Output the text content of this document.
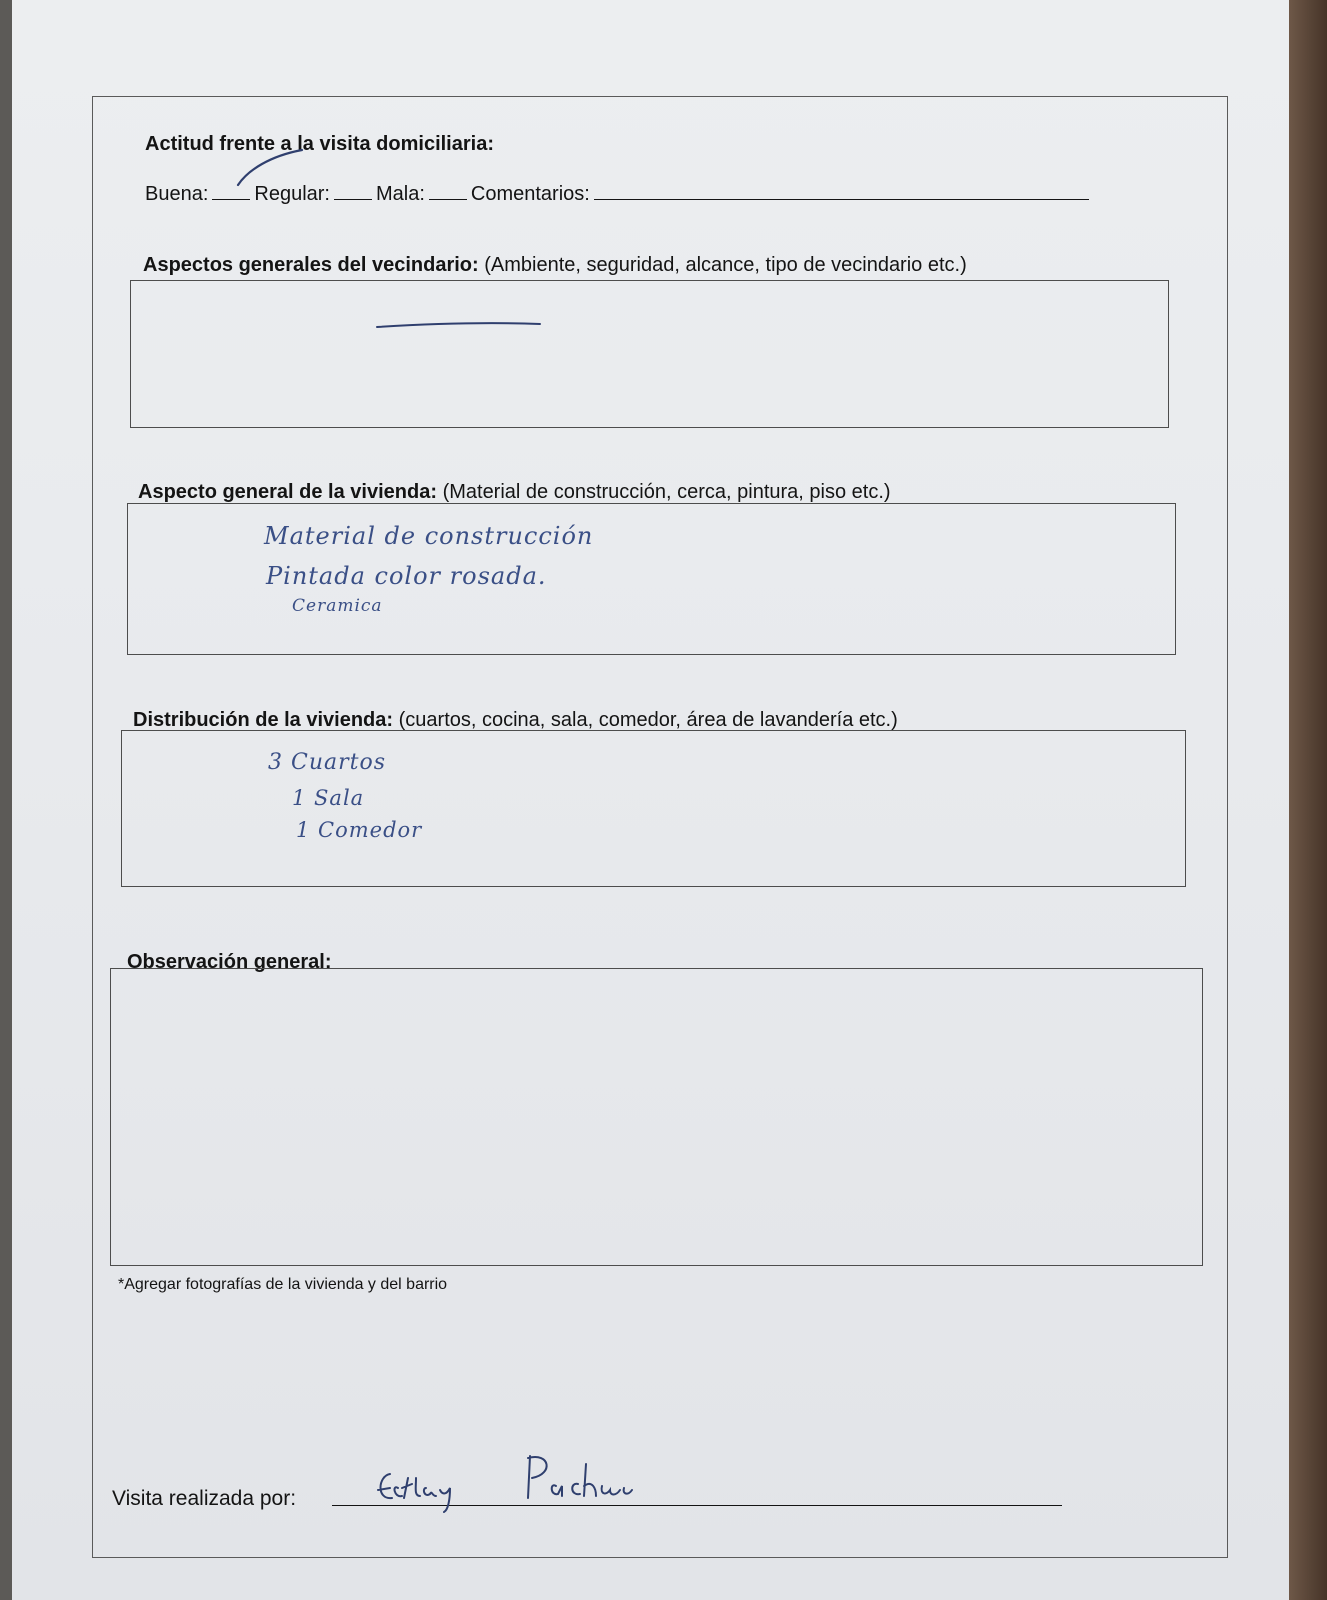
Actitud frente a la visita domiciliaria:
Buena: Regular: Mala: Comentarios:
Aspectos generales del vecindario: (Ambiente, seguridad, alcance, tipo de vecindario etc.)
Aspecto general de la vivienda: (Material de construcción, cerca, pintura, piso etc.)
Material de construcción
Pintada color rosada.
Ceramica
Distribución de la vivienda: (cuartos, cocina, sala, comedor, área de lavandería etc.)
3 Cuartos
1 Sala
1 Comedor
Observación general:
*Agregar fotografías de la vivienda y del barrio
Visita realizada por:
